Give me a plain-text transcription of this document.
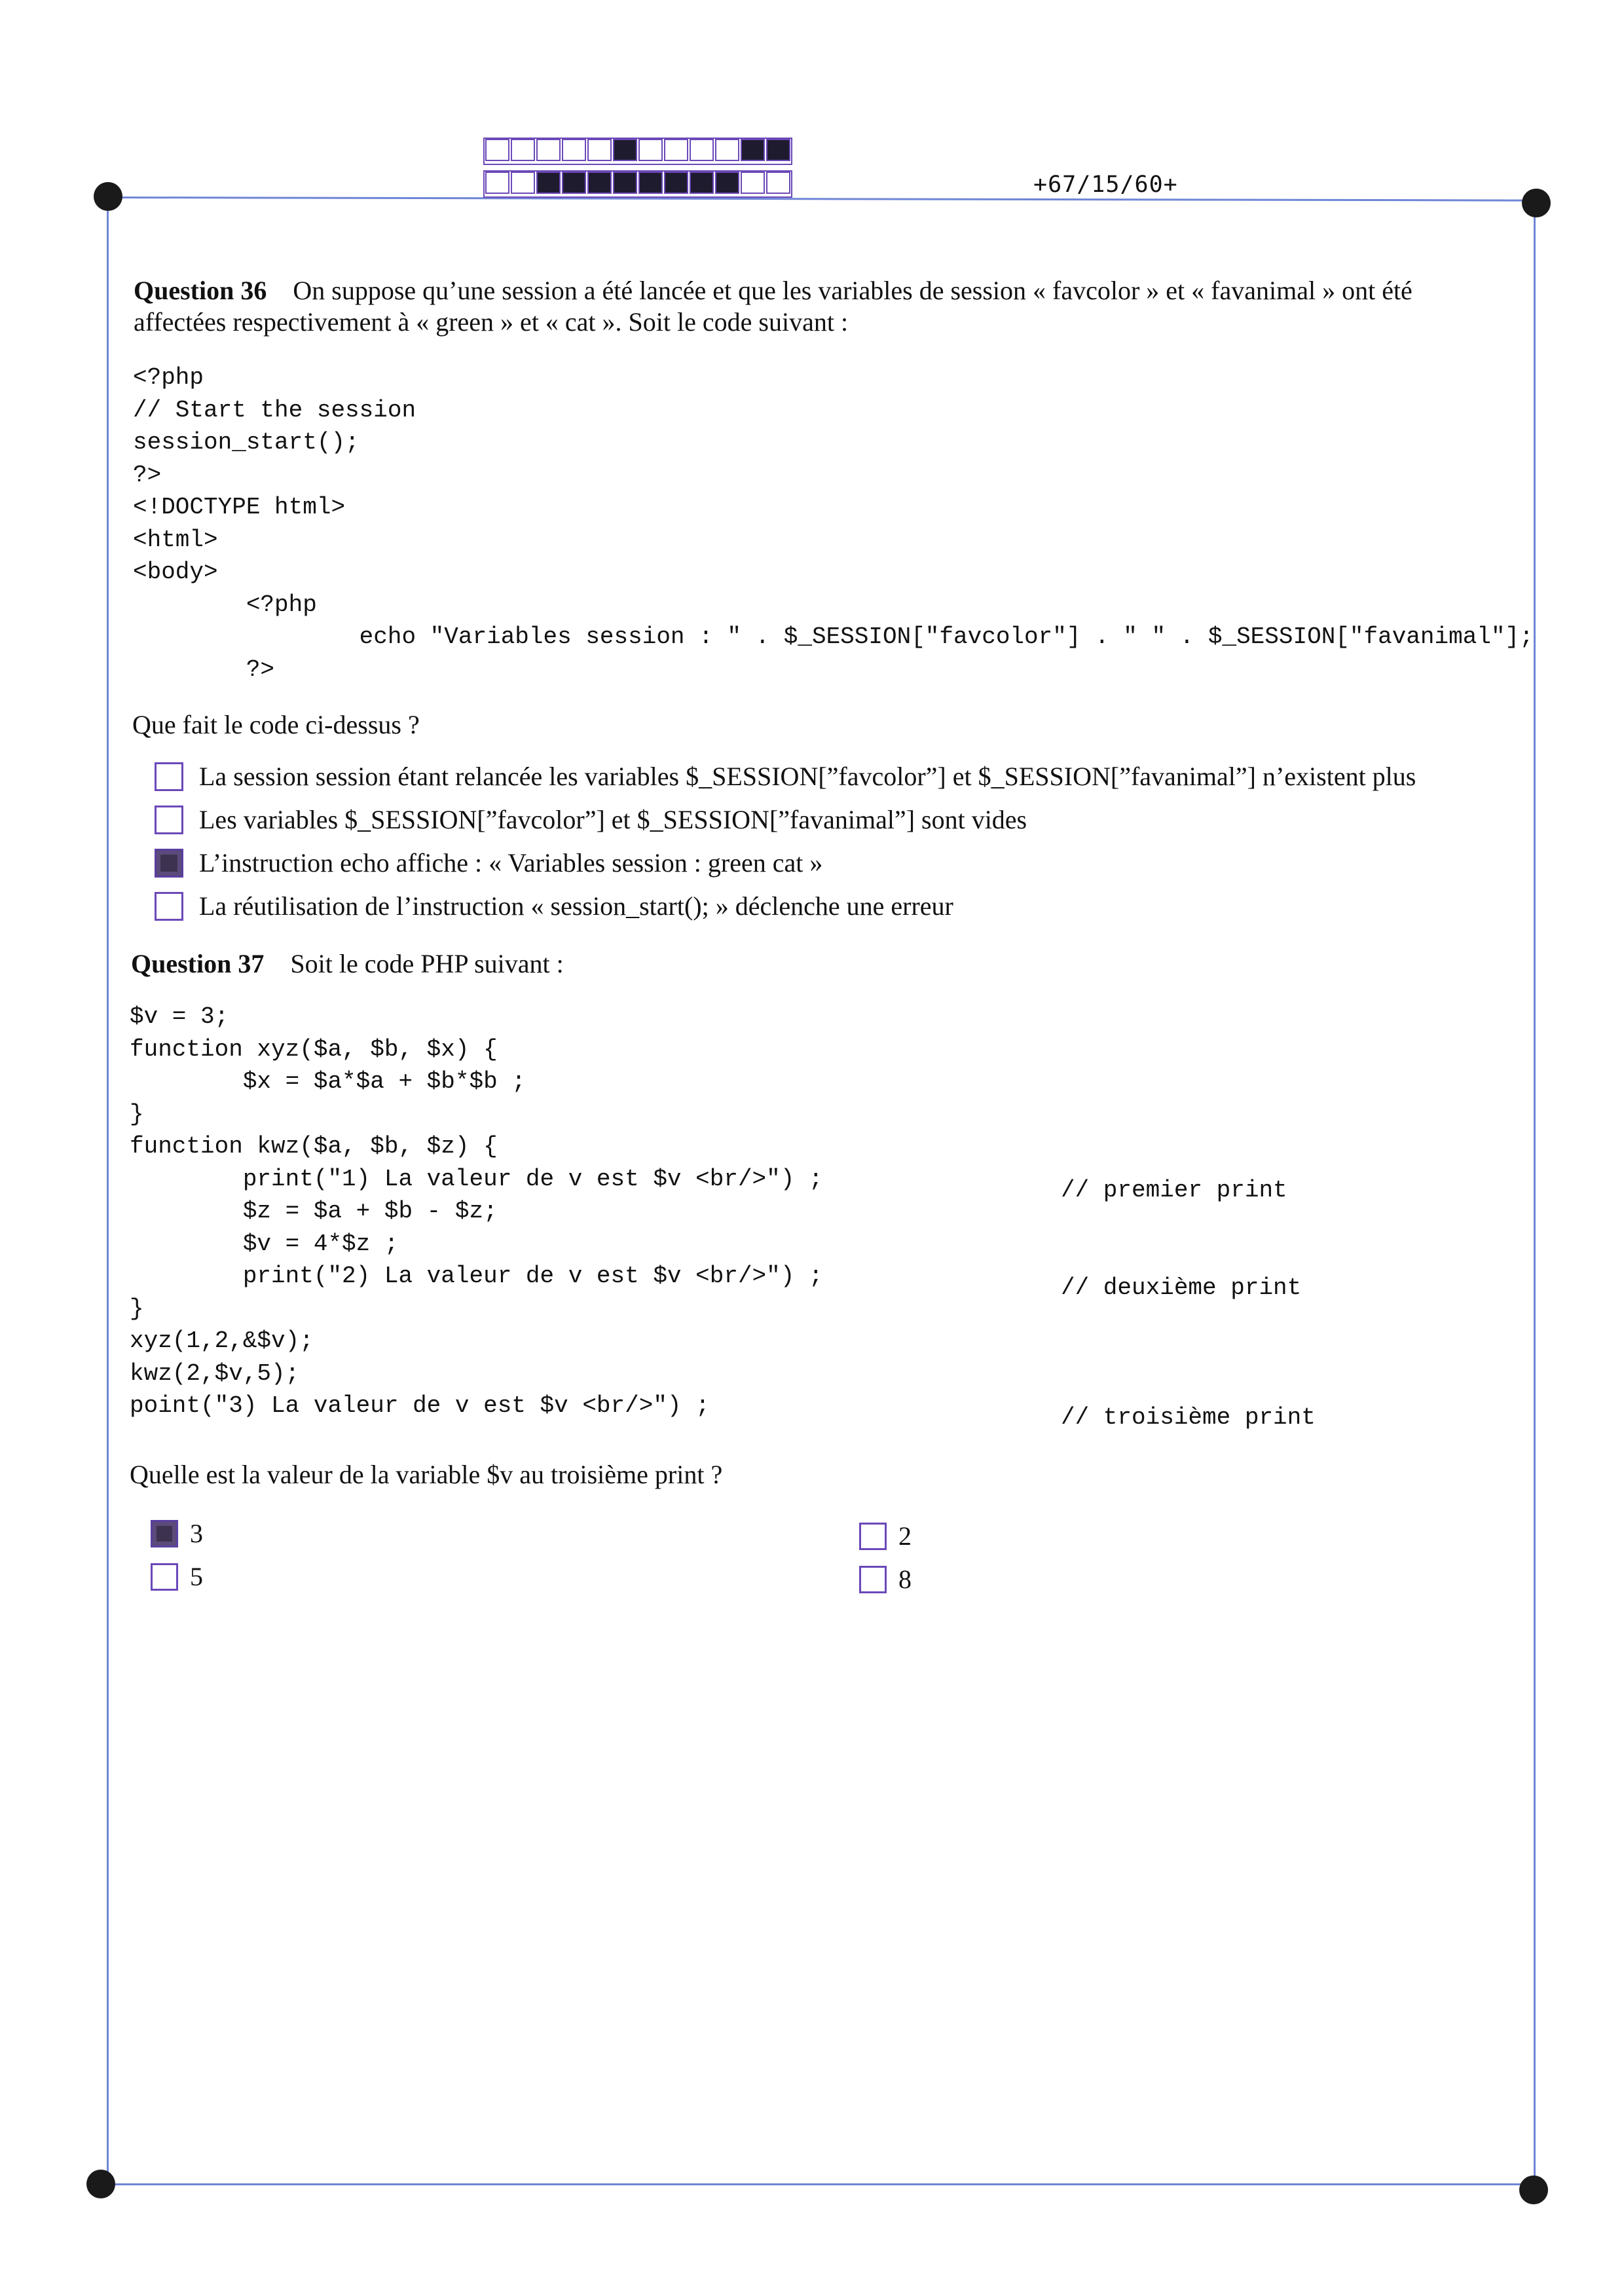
+67/15/60+
Question 36 On suppose qu’une session a été lancée et que les variables de session « favcolor » et « favanimal » ont été
affectées respectivement à « green » et « cat ». Soit le code suivant :
<?php
// Start the session
session_start();
?>
<!DOCTYPE html>
<html>
<body>
<?php
echo "Variables session : " . $_SESSION["favcolor"] . " " . $_SESSION["favanimal"];
?>
Que fait le code ci-dessus ?
La session session étant relancée les variables $_SESSION[”favcolor”] et $_SESSION[”favanimal”] n’existent plus
Les variables $_SESSION[”favcolor”] et $_SESSION[”favanimal”] sont vides
L’instruction echo affiche : « Variables session : green cat »
La réutilisation de l’instruction « session_start(); » déclenche une erreur
Question 37 Soit le code PHP suivant :
$v = 3;
function xyz($a, $b, $x) {
$x = $a*$a + $b*$b ;
}
function kwz($a, $b, $z) {
print("1) La valeur de v est $v <br/>") ;
$z = $a + $b - $z;
$v = 4*$z ;
print("2) La valeur de v est $v <br/>") ;
}
xyz(1,2,&$v);
kwz(2,$v,5);
point("3) La valeur de v est $v <br/>") ;
// premier print
// deuxième print
// troisième print
Quelle est la valeur de la variable $v au troisième print ?
3	2
5	8
